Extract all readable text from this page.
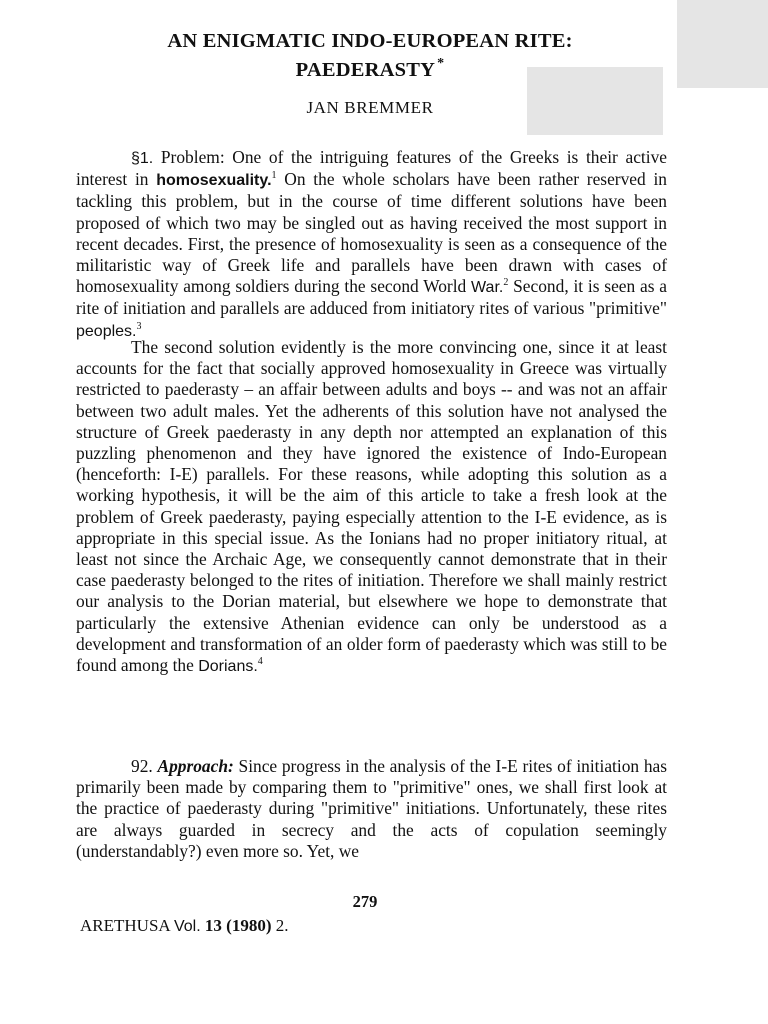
AN ENIGMATIC INDO-EUROPEAN RITE:
PAEDERASTY *
JAN BREMMER

§1. Problem: One of the intriguing features of the Greeks is their active interest in homosexuality.$^1$ On the whole scholars have been rather reserved in tackling this problem, but in the course of time different solutions have been proposed of which two may be singled out as having received the most support in recent decades. First, the presence of homosexuality is seen as a consequence of the militaristic way of Greek life and parallels have been drawn with cases of homosexuality among soldiers during the second World War.$^2$ Second, it is seen as a rite of initiation and parallels are adduced from initiatory rites of various "primitive" peoples.$^3$

The second solution evidently is the more convincing one, since it at least accounts for the fact that socially approved homosexuality in Greece was virtually restricted to paederasty – an affair between adults and boys -- and was not an affair between two adult males. Yet the adherents of this solution have not analysed the structure of Greek paederasty in any depth nor attempted an explanation of this puzzling phenomenon and they have ignored the existence of Indo-European (henceforth: I-E) parallels. For these reasons, while adopting this solution as a working hypothesis, it will be the aim of this article to take a fresh look at the problem of Greek paederasty, paying especially attention to the I-E evidence, as is appropriate in this special issue. As the Ionians had no proper initiatory ritual, at least not since the Archaic Age, we consequently cannot demonstrate that in their case paederasty belonged to the rites of initiation. Therefore we shall mainly restrict our analysis to the Dorian material, but elsewhere we hope to demonstrate that particularly the extensive Athenian evidence can only be understood as a development and transformation of an older form of paederasty which was still to be found among the Dorians.$^4$

92. Approach: Since progress in the analysis of the I-E rites of initiation has primarily been made by comparing them to "primitive" ones, we shall first look at the practice of paederasty during "primitive" initiations. Unfortunately, these rites are always guarded in secrecy and the acts of copulation seemingly (understandably?) even more so. Yet, we

279
ARETHUSA Vol. 13 (1980) 2.
